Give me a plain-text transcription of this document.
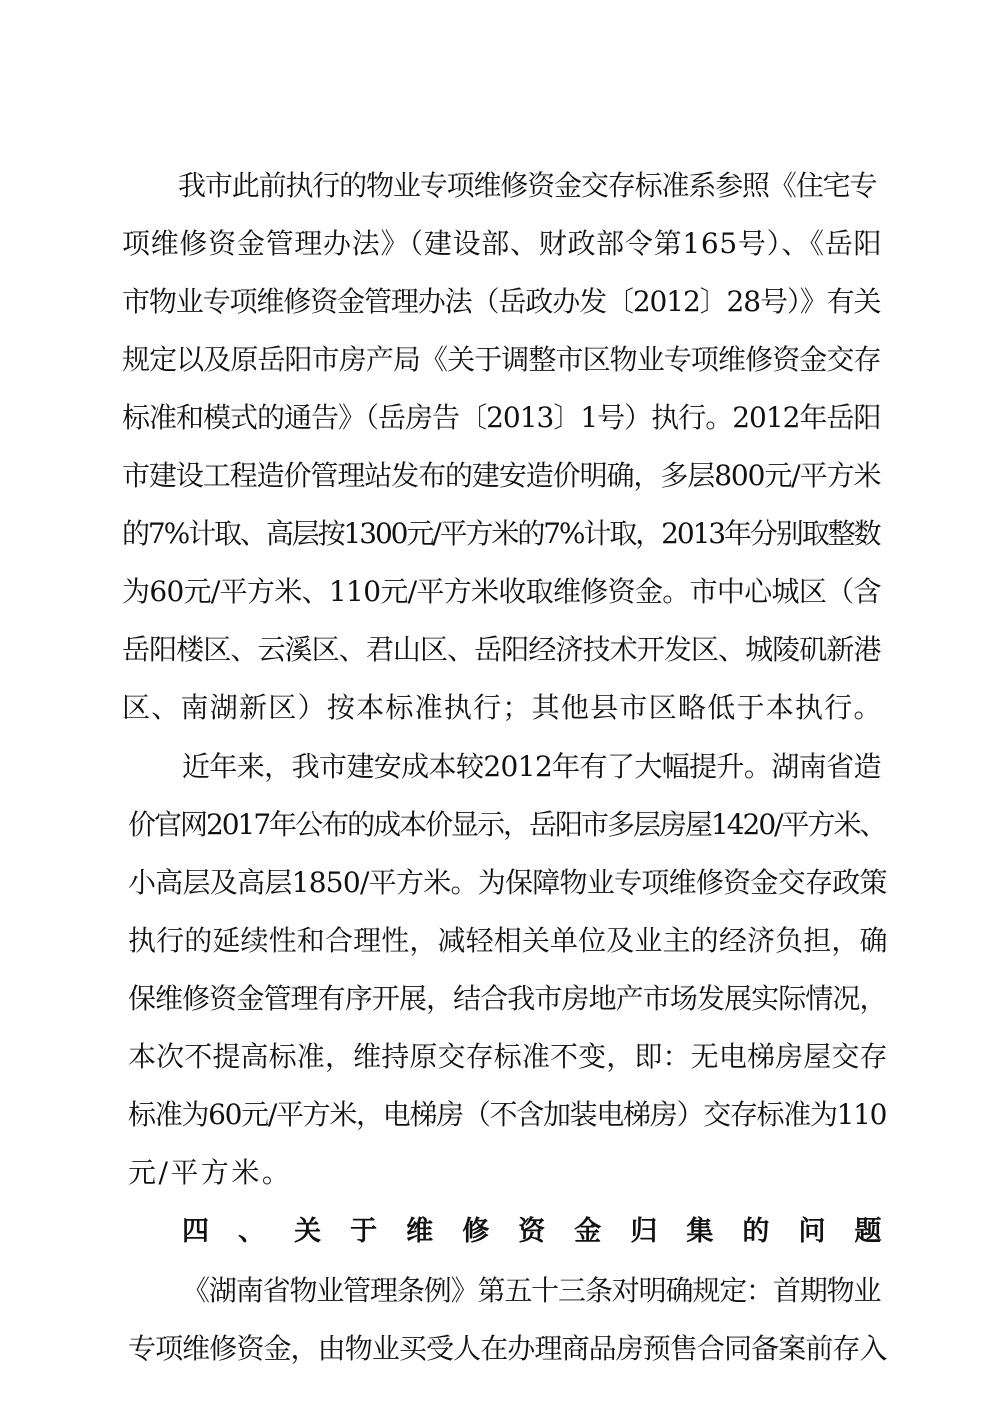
我市此前执行的物业专项维修资金交存标准系参照《住宅专
项维修资金管理办法》（建设部、财政部令第165号）、《岳阳
市物业专项维修资金管理办法（岳政办发〔2012〕28号）》有关
规定以及原岳阳市房产局《关于调整市区物业专项维修资金交存
标准和模式的通告》（岳房告〔2013〕1号）执行。2012年岳阳
市建设工程造价管理站发布的建安造价明确，多层800元/平方米
的7%计取、高层按1300元/平方米的7%计取，2013年分别取整数
为60元/平方米、110元/平方米收取维修资金。市中心城区（含
岳阳楼区、云溪区、君山区、岳阳经济技术开发区、城陵矶新港
区、南湖新区）按本标准执行；其他县市区略低于本执行。
近年来，我市建安成本较2012年有了大幅提升。湖南省造
价官网2017年公布的成本价显示，岳阳市多层房屋1420/平方米、
小高层及高层1850/平方米。为保障物业专项维修资金交存政策
执行的延续性和合理性，减轻相关单位及业主的经济负担，确
保维修资金管理有序开展，结合我市房地产市场发展实际情况，
本次不提高标准，维持原交存标准不变，即：无电梯房屋交存
标准为60元/平方米，电梯房（不含加装电梯房）交存标准为110
元/平方米。
四、关于维修资金归集的问题
《湖南省物业管理条例》第五十三条对明确规定：首期物业
专项维修资金，由物业买受人在办理商品房预售合同备案前存入
